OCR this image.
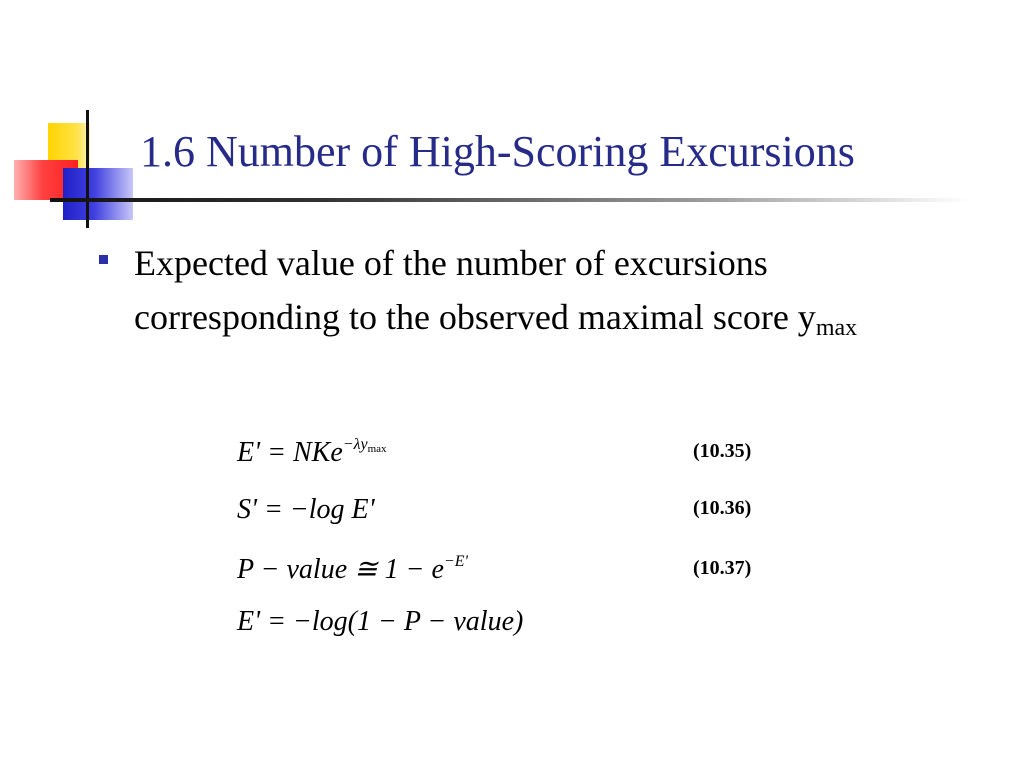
1.6 Number of High-Scoring Excursions
Expected value of the number of excursions corresponding to the observed maximal score $y_{max}$
E' = NKe$^{-\lambda y_{max}}$	(10.35)
S' = −log E'	(10.36)
P − value ≅ $1 - e^{-E'}$	(10.37)
E' = −log(1 − P − value)
